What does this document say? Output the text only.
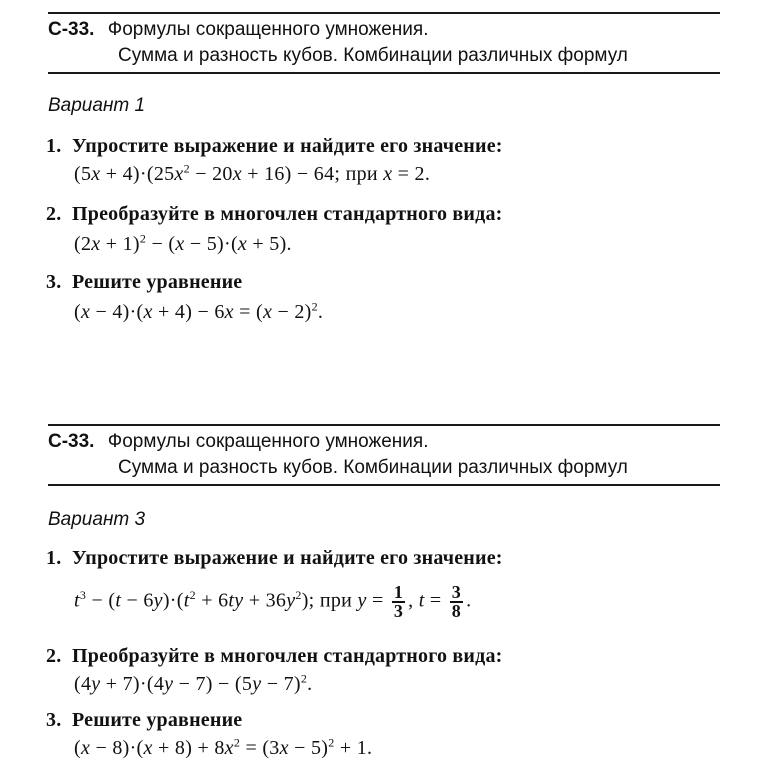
С-33. Формулы сокращенного умножения.
Сумма и разность кубов. Комбинации различных формул
Вариант 1
1. Упростите выражение и найдите его значение:
$(5x + 4)\cdot(25x^2 - 20x + 16) - 64$; при x = 2.
2. Преобразуйте в многочлен стандартного вида:
$(2x + 1)^2 - (x - 5)\cdot(x + 5)$.
3. Решите уравнение
$(x - 4)\cdot(x + 4) - 6x = (x - 2)^2$.
С-33. Формулы сокращенного умножения.
Сумма и разность кубов. Комбинации различных формул
Вариант 3
1. Упростите выражение и найдите его значение:
$t^3 - (t - 6y)\cdot(t^2 + 6ty + 36y^2)$; при $y = \frac{1}{3}$ , $t = \frac{3}{8}$ .
2. Преобразуйте в многочлен стандартного вида:
$(4y + 7)\cdot(4y - 7) - (5y - 7)^2$.
3. Решите уравнение
$(x - 8)\cdot(x + 8) + 8x^2 = (3x - 5)^2 + 1$.
